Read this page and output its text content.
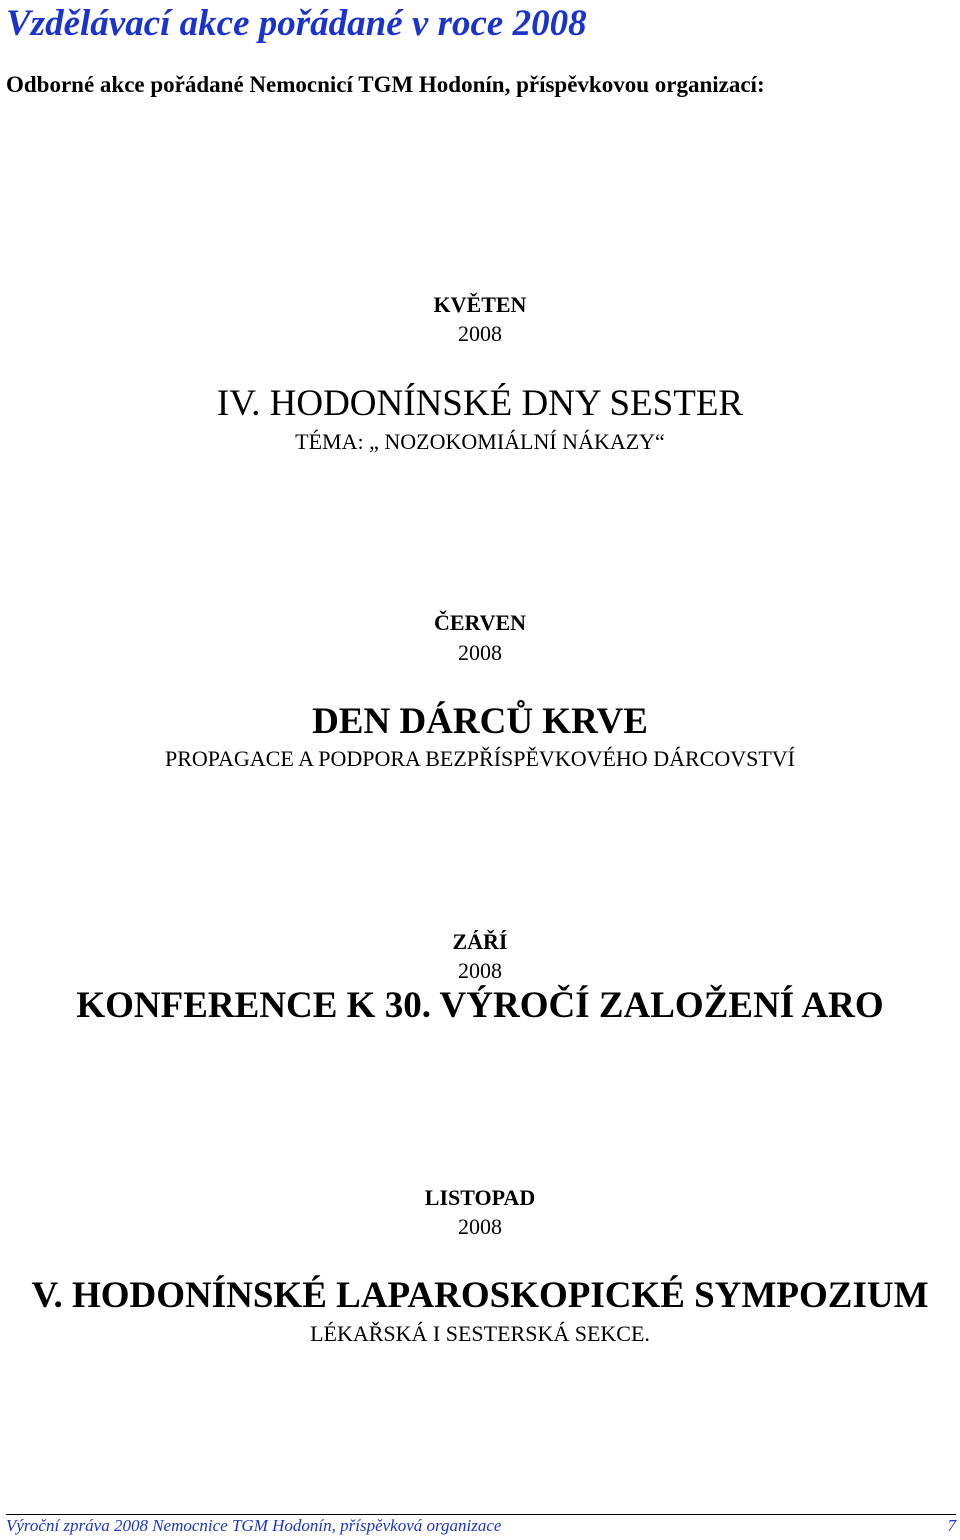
Vzdělávací akce pořádané v roce 2008
Odborné akce pořádané Nemocnicí TGM Hodonín, příspěvkovou organizací:
KVĚTEN
2008
IV. HODONÍNSKÉ DNY SESTER
TÉMA: „ NOZOKOMIÁLNÍ NÁKAZY“
ČERVEN
2008
DEN DÁRCŮ KRVE
PROPAGACE A PODPORA BEZPŘÍSPĚVKOVÉHO DÁRCOVSTVÍ
ZÁŘÍ
2008
KONFERENCE K 30. VÝROČÍ ZALOŽENÍ ARO
LISTOPAD
2008
V. HODONÍNSKÉ LAPAROSKOPICKÉ SYMPOZIUM
LÉKAŘSKÁ I SESTERSKÁ SEKCE.
Výroční zpráva 2008 Nemocnice TGM Hodonín, příspěvková organizace	7
